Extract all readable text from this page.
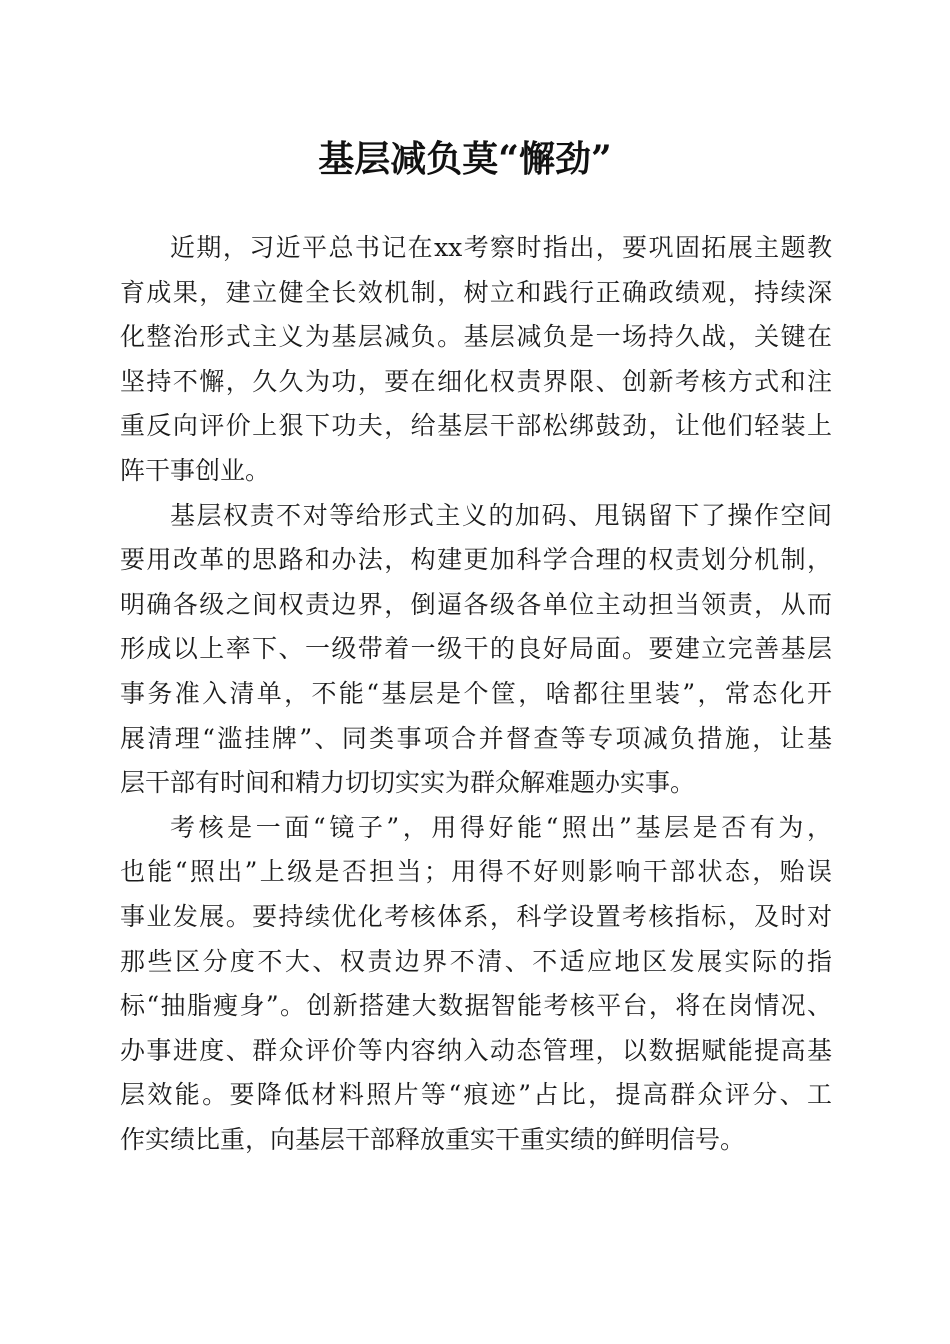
基层减负莫“懈劲”
近期，习近平总书记在xx考察时指出，要巩固拓展主题教
育成果，建立健全长效机制，树立和践行正确政绩观，持续深
化整治形式主义为基层减负。基层减负是一场持久战，关键在
坚持不懈，久久为功，要在细化权责界限、创新考核方式和注
重反向评价上狠下功夫，给基层干部松绑鼓劲，让他们轻装上
阵干事创业。
基层权责不对等给形式主义的加码、甩锅留下了操作空间
要用改革的思路和办法，构建更加科学合理的权责划分机制，
明确各级之间权责边界，倒逼各级各单位主动担当领责，从而
形成以上率下、一级带着一级干的良好局面。要建立完善基层
事务准入清单，不能“基层是个筐，啥都往里装”，常态化开
展清理“滥挂牌”、同类事项合并督查等专项减负措施，让基
层干部有时间和精力切切实实为群众解难题办实事。
考核是一面“镜子”，用得好能“照出”基层是否有为，
也能“照出”上级是否担当；用得不好则影响干部状态，贻误
事业发展。要持续优化考核体系，科学设置考核指标，及时对
那些区分度不大、权责边界不清、不适应地区发展实际的指
标“抽脂瘦身”。创新搭建大数据智能考核平台，将在岗情况、
办事进度、群众评价等内容纳入动态管理，以数据赋能提高基
层效能。要降低材料照片等“痕迹”占比，提高群众评分、工
作实绩比重，向基层干部释放重实干重实绩的鲜明信号。
